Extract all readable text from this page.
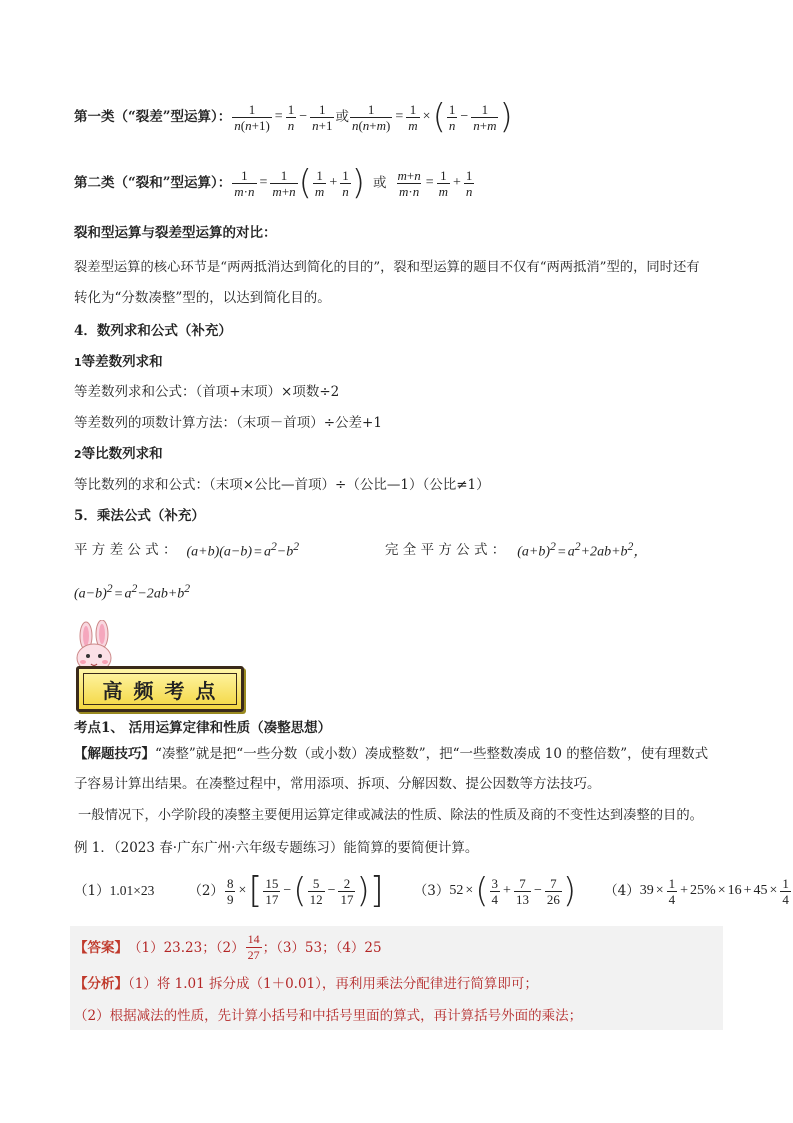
第一类（“裂差”型运算）： $\frac{1}{n(n+1)} = \frac{1}{n} - \frac{1}{n+1}$ 或 $\frac{1}{n(n+m)} = \frac{1}{m}$ × ( $\frac{1}{n} - \frac{1}{n+m}$ )
第二类（“裂和”型运算）： $\frac{1}{m\cdot n} = \frac{1}{m+n}$ ( $\frac{1}{m} + \frac{1}{n}$ ) 或 $\frac{m+n}{m\cdot n} = \frac{1}{m} + \frac{1}{n}$
裂和型运算与裂差型运算的对比：
裂差型运算的核心环节是“两两抵消达到简化的目的”，裂和型运算的题目不仅有“两两抵消”型的，同时还有
转化为“分数凑整”型的，以达到简化目的。
4．数列求和公式（补充）
1等差数列求和
等差数列求和公式：（首项+末项）×项数÷2
等差数列的项数计算方法：（末项－首项）÷公差+1
2等比数列求和
等比数列的求和公式：（末项×公比—首项）÷（公比—1）（公比≠1）
5．乘法公式（补充）
平 方 差 公 式 ： $(a+b)(a-b) = a^2-b^2$	完 全 平 方 公 式 ： $(a+b)^2 = a^2+2ab+b^2$，
$(a-b)^2 = a^2-2ab+b^2$
高 频 考 点
考点1、 活用运算定律和性质（凑整思想）
【解题技巧】“凑整”就是把“一些分数（或小数）凑成整数”，把“一些整数凑成 10 的整倍数”，使有理数式
子容易计算出结果。在凑整过程中，常用添项、拆项、分解因数、提公因数等方法技巧。
一般情况下，小学阶段的凑整主要便用运算定律或减法的性质、除法的性质及商的不变性达到凑整的目的。
例 1．（2023 春·广东广州·六年级专题练习）能简算的要简便计算。
（1） 1.01×23	$(2) \frac{8}{9}$ × [ $\frac{15}{17}$ − ( $\frac{5}{12} - \frac{2}{17}$ ) ] （3） 52 × ( $\frac{3}{4} + \frac{7}{13} - \frac{7}{26}$ ) （4） $39 \times \frac{1}{4} + 25\% \times 16 + 45 \times \frac{1}{4}$
【答案】 （1）23.23；$(2) \frac{14}{27}$ ；（3）53；（4）25
【分析】（1）将 1.01 拆分成（1＋0.01），再利用乘法分配律进行简算即可；
（2）根据减法的性质，先计算小括号和中括号里面的算式，再计算括号外面的乘法；
